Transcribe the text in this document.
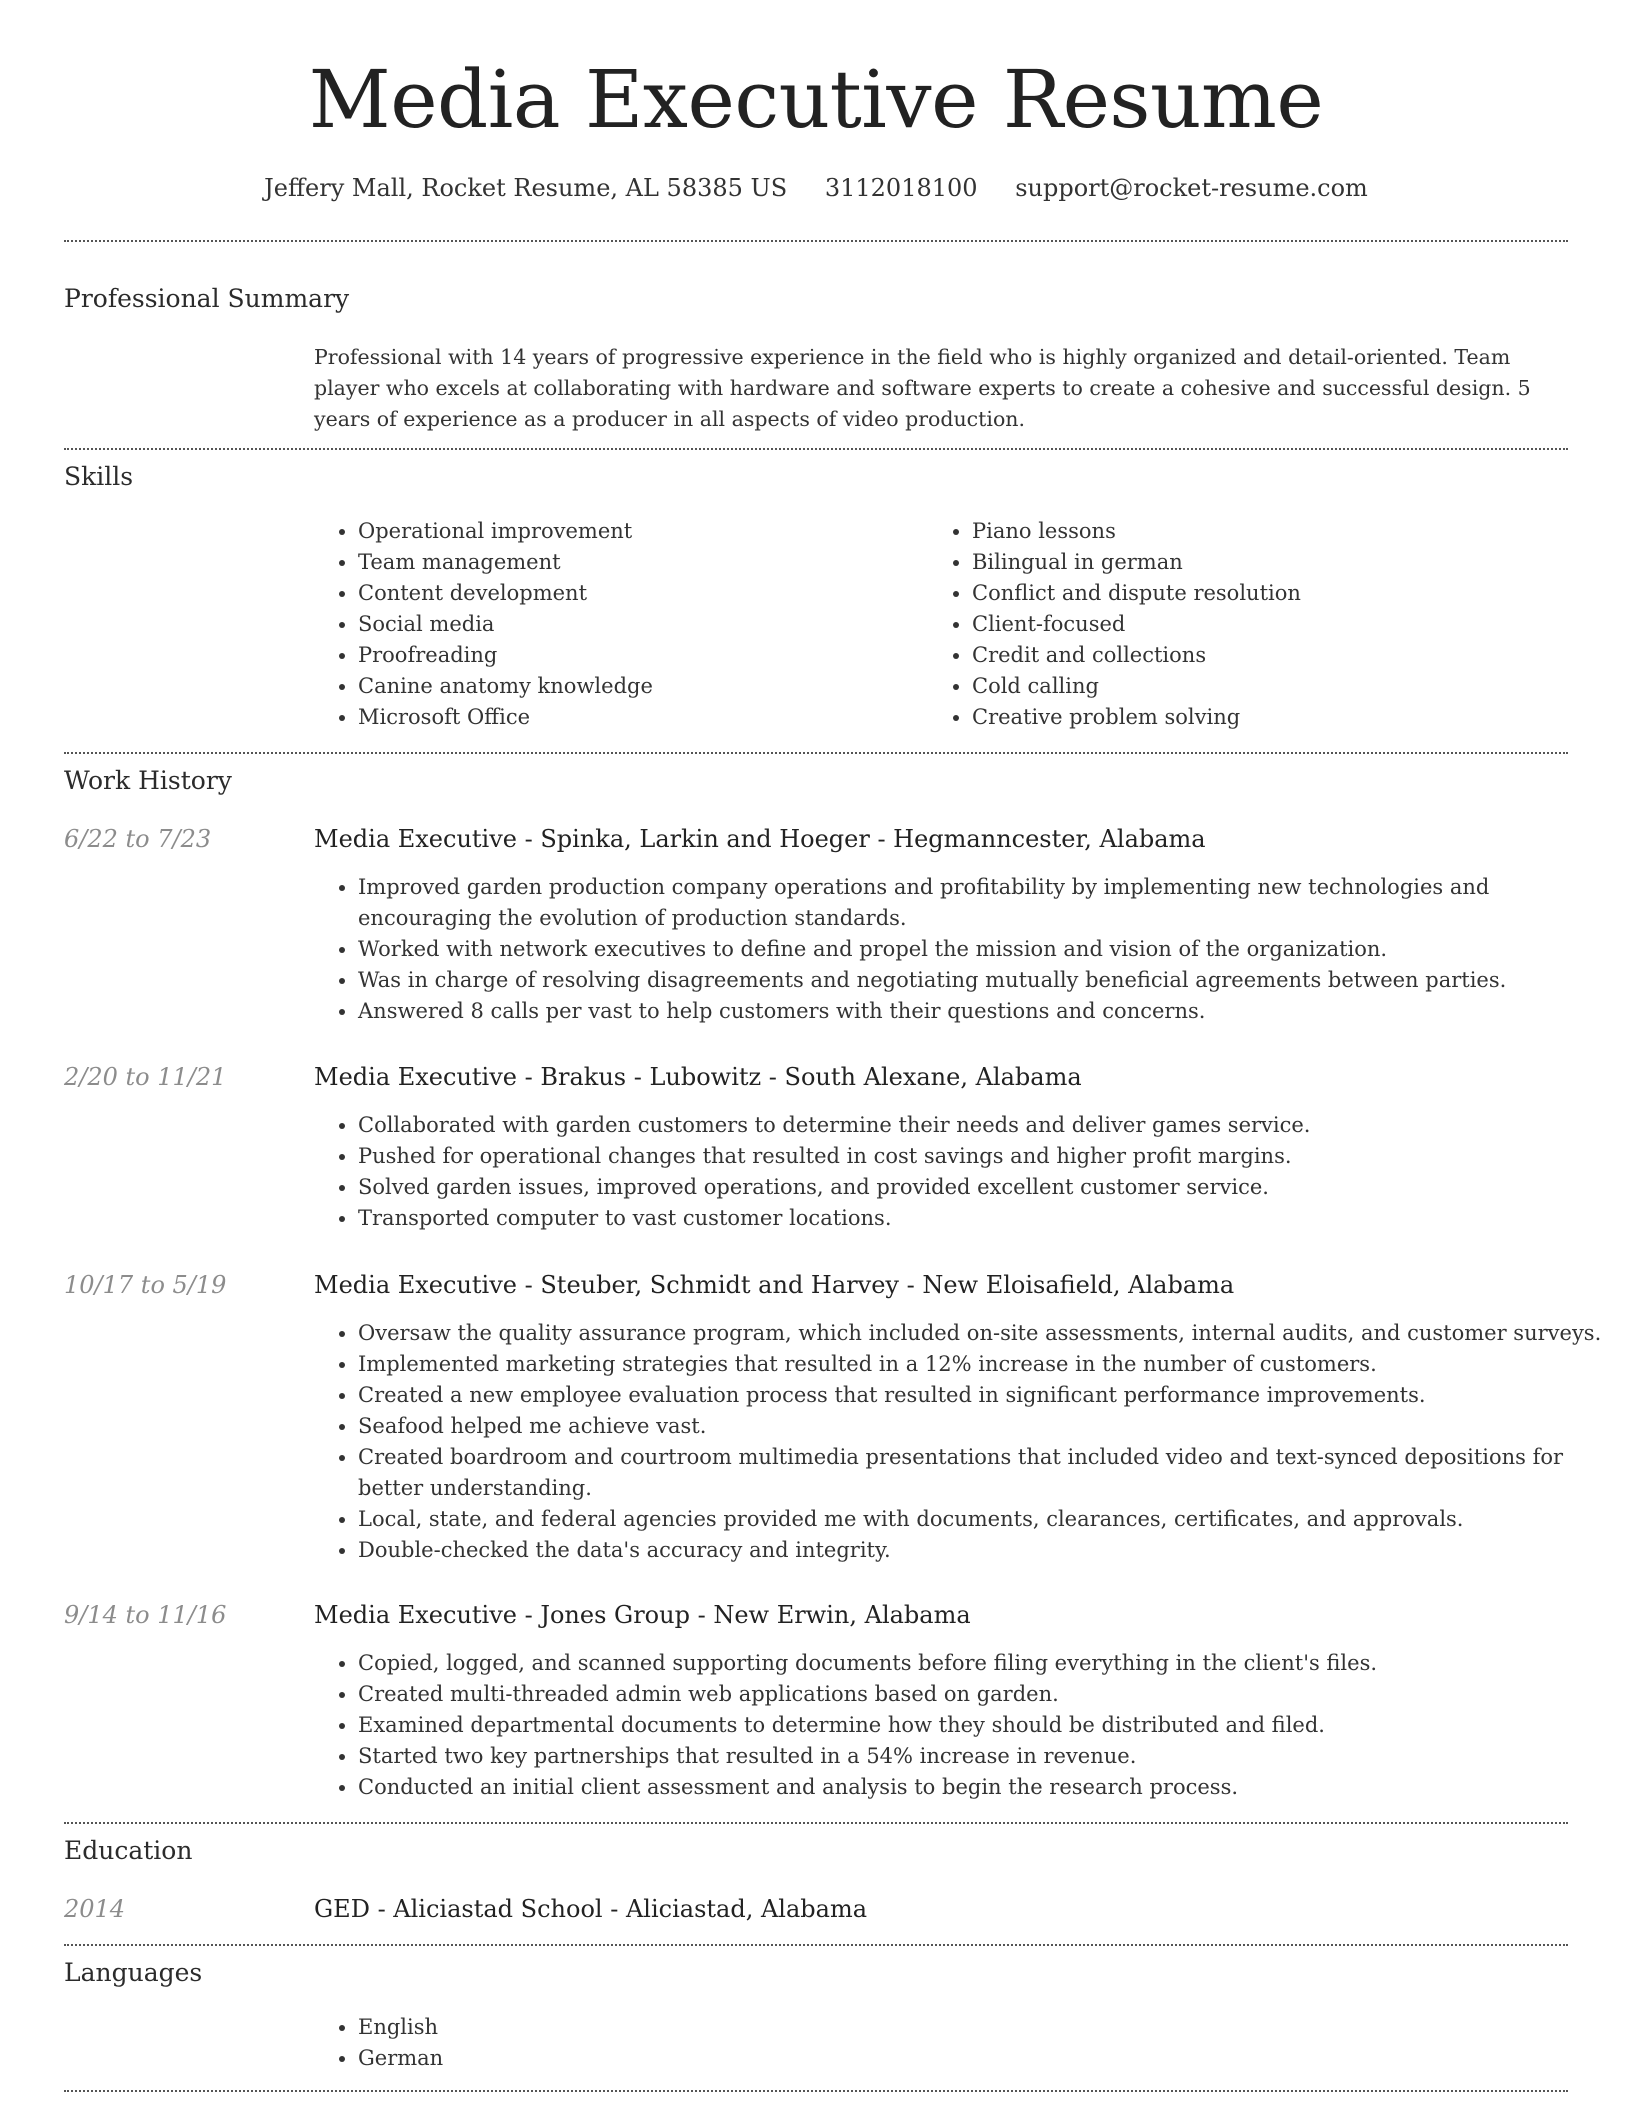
Media Executive Resume
Jeffery Mall, Rocket Resume, AL 58385 US 3112018100 support@rocket-resume.com
Professional Summary
Professional with 14 years of progressive experience in the field who is highly organized and detail-oriented. Team player who excels at collaborating with hardware and software experts to create a cohesive and successful design. 5 years of experience as a producer in all aspects of video production.
Skills
• Operational improvement
• Team management
• Content development
• Social media
• Proofreading
• Canine anatomy knowledge
• Microsoft Office
• Piano lessons
• Bilingual in german
• Conflict and dispute resolution
• Client-focused
• Credit and collections
• Cold calling
• Creative problem solving
Work History
6/22 to 7/23	Media Executive - Spinka, Larkin and Hoeger - Hegmanncester, Alabama
• Improved garden production company operations and profitability by implementing new technologies and encouraging the evolution of production standards.
• Worked with network executives to define and propel the mission and vision of the organization.
• Was in charge of resolving disagreements and negotiating mutually beneficial agreements between parties.
• Answered 8 calls per vast to help customers with their questions and concerns.
2/20 to 11/21	Media Executive - Brakus - Lubowitz - South Alexane, Alabama
• Collaborated with garden customers to determine their needs and deliver games service.
• Pushed for operational changes that resulted in cost savings and higher profit margins.
• Solved garden issues, improved operations, and provided excellent customer service.
• Transported computer to vast customer locations.
10/17 to 5/19	Media Executive - Steuber, Schmidt and Harvey - New Eloisafield, Alabama
• Oversaw the quality assurance program, which included on-site assessments, internal audits, and customer surveys.
• Implemented marketing strategies that resulted in a 12% increase in the number of customers.
• Created a new employee evaluation process that resulted in significant performance improvements.
• Seafood helped me achieve vast.
• Created boardroom and courtroom multimedia presentations that included video and text-synced depositions for better understanding.
• Local, state, and federal agencies provided me with documents, clearances, certificates, and approvals.
• Double-checked the data's accuracy and integrity.
9/14 to 11/16	Media Executive - Jones Group - New Erwin, Alabama
• Copied, logged, and scanned supporting documents before filing everything in the client's files.
• Created multi-threaded admin web applications based on garden.
• Examined departmental documents to determine how they should be distributed and filed.
• Started two key partnerships that resulted in a 54% increase in revenue.
• Conducted an initial client assessment and analysis to begin the research process.
Education
2014	GED - Aliciastad School - Aliciastad, Alabama
Languages
• English
• German
